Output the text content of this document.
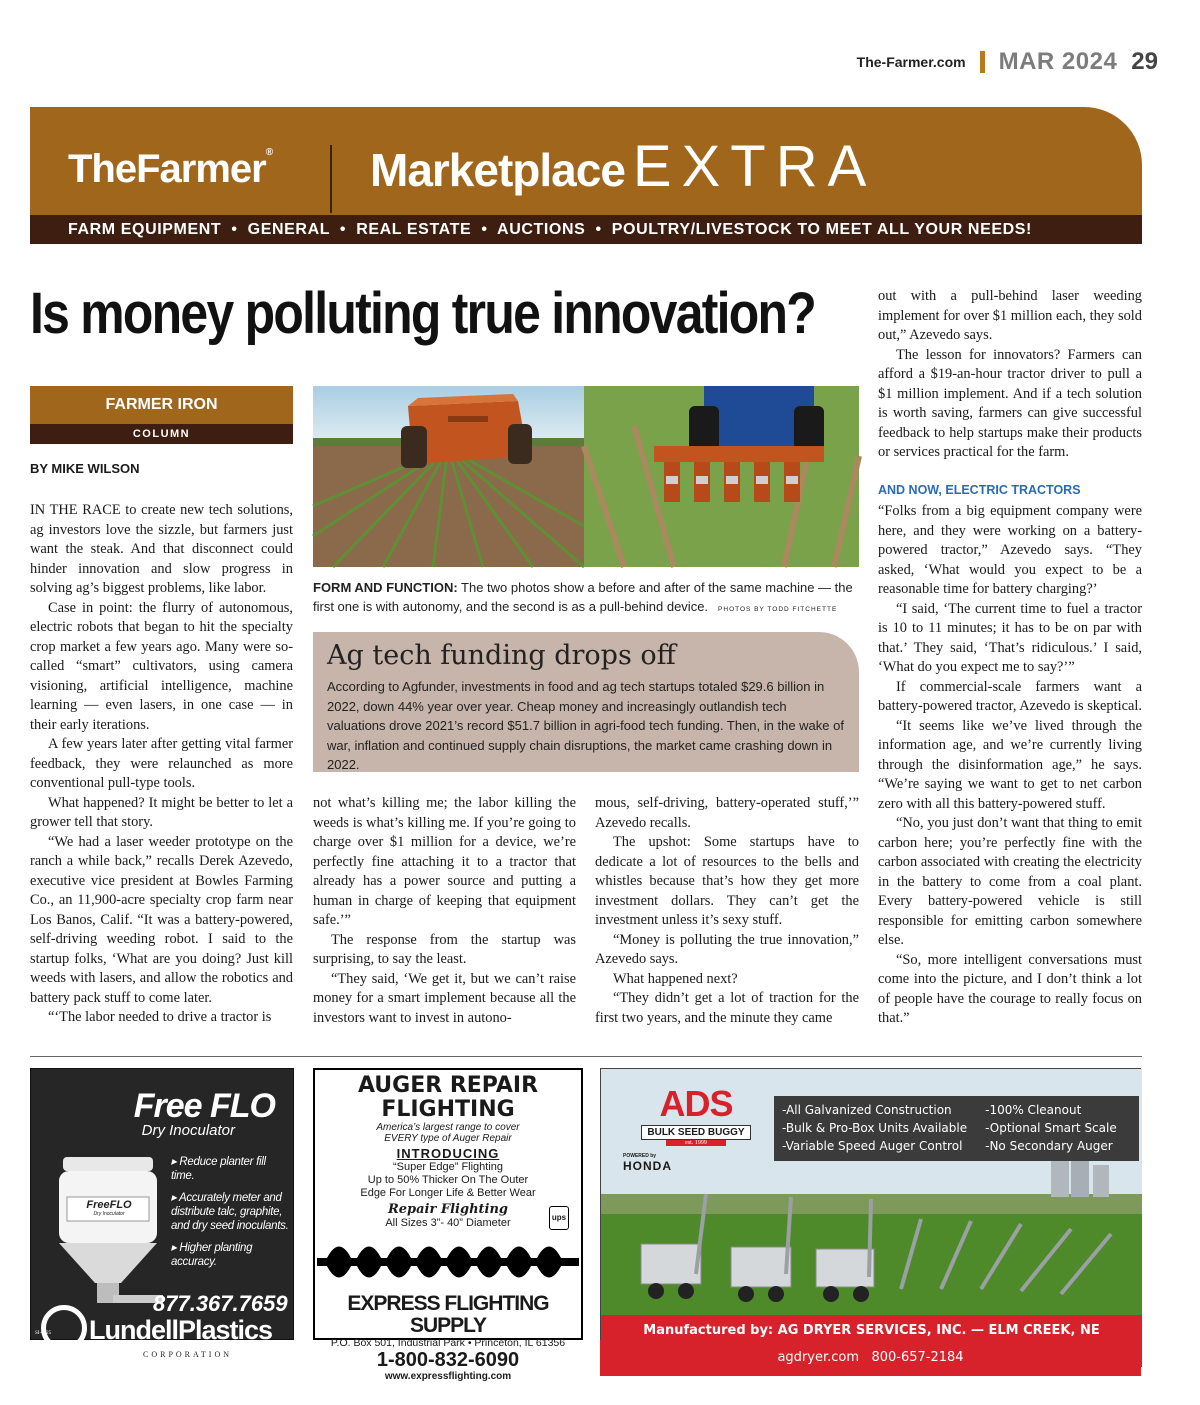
The-Farmer.com MAR 2024 29
TheFarmer® Marketplace EXTRA
FARM EQUIPMENT  •  GENERAL  •  REAL ESTATE  •  AUCTIONS  •  POULTRY/LIVESTOCK TO MEET ALL YOUR NEEDS!
Is money polluting true innovation?
FARMER IRON
COLUMN
BY MIKE WILSON

IN THE RACE to create new tech solutions, ag investors love the sizzle, but farmers just want the steak. And that disconnect could hinder innovation and slow progress in solving ag’s biggest problems, like labor.

Case in point: the flurry of autonomous, electric robots that began to hit the specialty crop market a few years ago. Many were so-called “smart” cultivators, using camera visioning, artificial intelligence, machine learning — even lasers, in one case — in their early iterations.

A few years later after getting vital farmer feedback, they were relaunched as more conventional pull-type tools.

What happened? It might be better to let a grower tell that story.

“We had a laser weeder prototype on the ranch a while back,” recalls Derek Azevedo, executive vice president at Bowles Farming Co., an 11,900-acre specialty crop farm near Los Banos, Calif. “It was a battery-powered, self-driving weeding robot. I said to the startup folks, ‘What are you doing? Just kill weeds with lasers, and allow the robotics and battery pack stuff to come later.

“‘The labor needed to drive a tractor is

FORM AND FUNCTION: The two photos show a before and after of the same machine — the first one is with autonomy, and the second is as a pull-behind device. PHOTOS BY TODD FITCHETTE
Ag tech funding drops off

According to Agfunder, investments in food and ag tech startups totaled $29.6 billion in 2022, down 44% year over year. Cheap money and increasingly outlandish tech valuations drove 2021’s record $51.7 billion in agri-food tech funding. Then, in the wake of war, inflation and continued supply chain disruptions, the market came crashing down in 2022.

not what’s killing me; the labor killing the weeds is what’s killing me. If you’re going to charge over $1 million for a device, we’re perfectly fine attaching it to a tractor that already has a power source and putting a human in charge of keeping that equipment safe.’”

The response from the startup was surprising, to say the least.

“They said, ‘We get it, but we can’t raise money for a smart implement because all the investors want to invest in autono-

mous, self-driving, battery-operated stuff,’” Azevedo recalls.

The upshot: Some startups have to dedicate a lot of resources to the bells and whistles because that’s how they get more investment dollars. They can’t get the investment unless it’s sexy stuff.

“Money is polluting the true innovation,” Azevedo says.

What happened next?

“They didn’t get a lot of traction for the first two years, and the minute they came

out with a pull-behind laser weeding implement for over $1 million each, they sold out,” Azevedo says.

The lesson for innovators? Farmers can afford a $19-an-hour tractor driver to pull a $1 million implement. And if a tech solution is worth saving, farmers can give successful feedback to help startups make their products or services practical for the farm.

AND NOW, ELECTRIC TRACTORS

“Folks from a big equipment company were here, and they were working on a battery-powered tractor,” Azevedo says. “They asked, ‘What would you expect to be a reasonable time for battery charging?’

“I said, ‘The current time to fuel a tractor is 10 to 11 minutes; it has to be on par with that.’ They said, ‘That’s ridiculous.’ I said, ‘What do you expect me to say?’”

If commercial-scale farmers want a battery-powered tractor, Azevedo is skeptical.

“It seems like we’ve lived through the information age, and we’re currently living through the disinformation age,” he says. “We’re saying we want to get to net carbon zero with all this battery-powered stuff.

“No, you just don’t want that thing to emit carbon here; you’re perfectly fine with the carbon associated with creating the electricity in the battery to come from a coal plant. Every battery-powered vehicle is still responsible for emitting carbon somewhere else.

“So, more intelligent conversations must come into the picture, and I don’t think a lot of people have the courage to really focus on that.”

Free FLO
Dry Inoculator
FreeFLO
Dry Inoculator
▸ Reduce planter fill time.
▸ Accurately meter and distribute talc, graphite, and dry seed inoculants.
▸ Higher planting accuracy.
877.367.7659
LundellPlastics
CORPORATION
SI-0125
AUGER REPAIR
FLIGHTING
America’s largest range to cover
EVERY type of Auger Repair
INTRODUCING
“Super Edge” Flighting
Up to 50% Thicker On The Outer
Edge For Longer Life & Better Wear
Repair Flighting
All Sizes 3”- 40” Diameter	ups
EXPRESS FLIGHTING SUPPLY
P.O. Box 501, Industrial Park • Princeton, IL 61356
1-800-832-6090
www.expressflighting.com
ADS
BULK SEED BUGGY
est. 1999
POWERED by
HONDA
-All Galvanized Construction
-Bulk & Pro-Box Units Available
-Variable Speed Auger Control
-100% Cleanout
-Optional Smart Scale
-No Secondary Auger
Manufactured by: AG DRYER SERVICES, INC. — ELM CREEK, NE
agdryer.com 800-657-2184
